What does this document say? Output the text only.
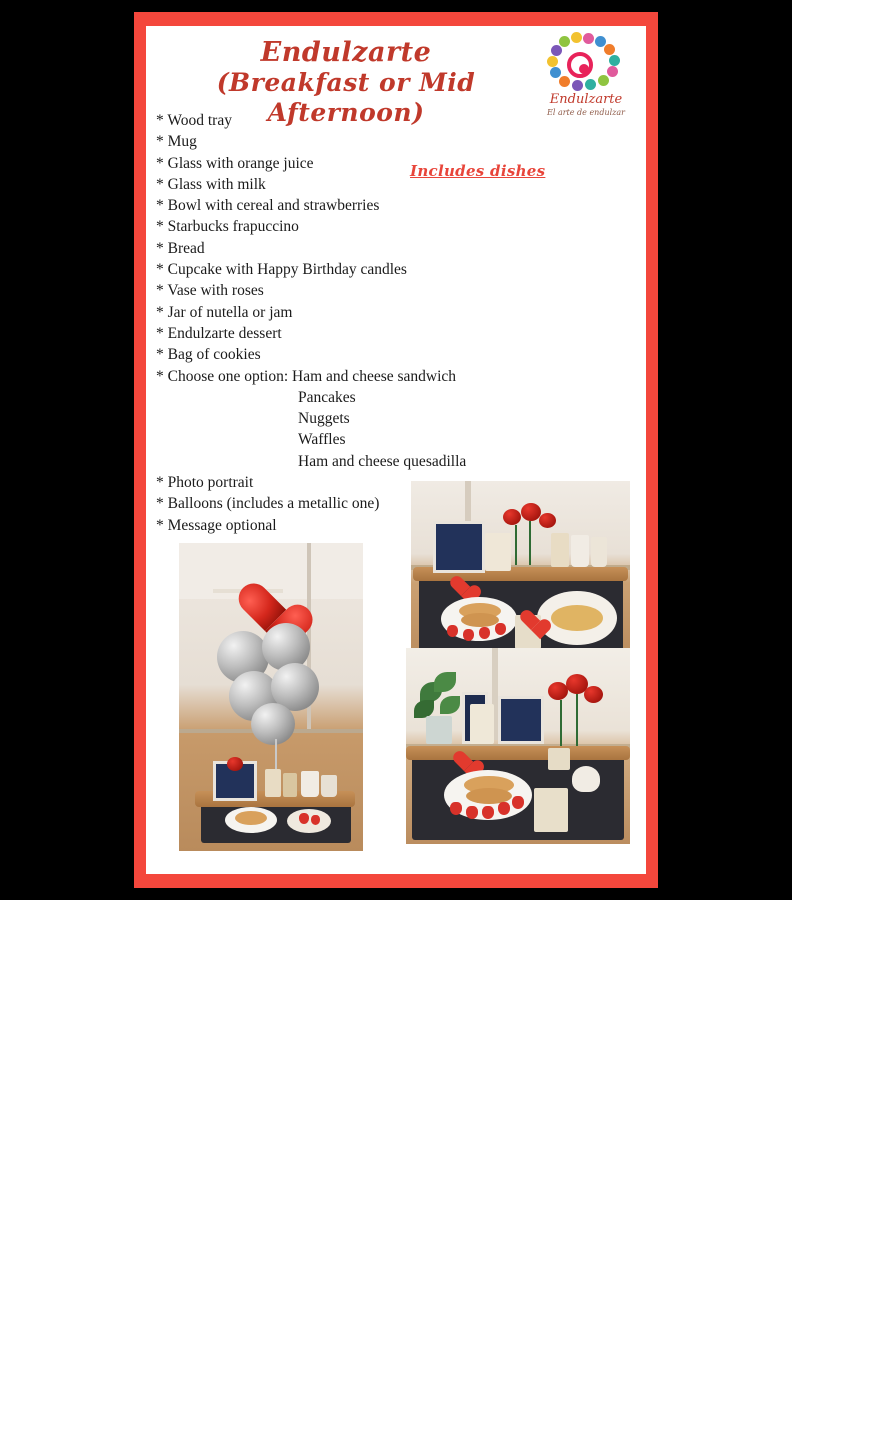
Endulzarte
(Breakfast or Mid Afternoon)	Endulzarte
El arte de endulzar
Includes dishes
* Wood tray
* Mug
* Glass with orange juice
* Glass with milk
* Bowl with cereal and strawberries
* Starbucks frapuccino
* Bread
* Cupcake with Happy Birthday candles
* Vase with roses
* Jar of nutella or jam
* Endulzarte dessert
* Bag of cookies
* Choose one option: Ham and cheese sandwich
Pancakes
Nuggets
Waffles
Ham and cheese quesadilla
* Photo portrait
* Balloons (includes a metallic one)
* Message optional
menupix
